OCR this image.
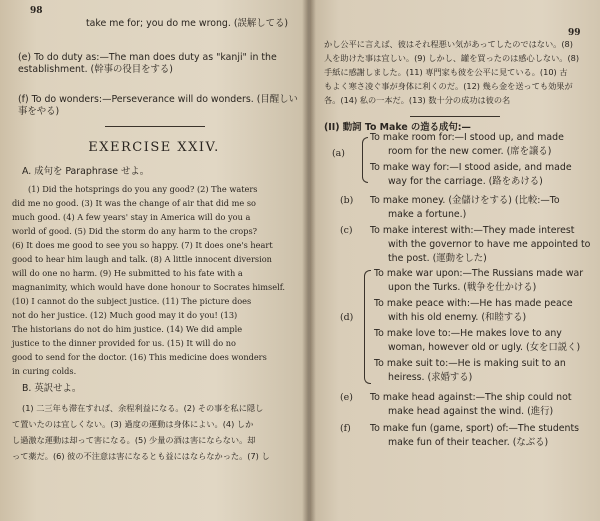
98
take me for; you do me wrong. (誤解してる)
(e) To do duty as:—The man does duty as "kanji" in the establishment. (幹事の役目をする)
(f) To do wonders:—Perseverance will do wonders. (目醒しい事をやる)
EXERCISE XXIV.
A. 成句を Paraphrase せよ。
(1) Did the hotsprings do you any good? (2) The waters
did me no good. (3) It was the change of air that did me so
much good. (4) A few years' stay in America will do you a
world of good. (5) Did the storm do any harm to the crops?
(6) It does me good to see you so happy. (7) It does one's heart
good to hear him laugh and talk. (8) A little innocent diversion
will do one no harm. (9) He submitted to his fate with a
magnanimity, which would have done honour to Socrates himself.
(10) I cannot do the subject justice. (11) The picture does
not do her justice. (12) Much good may it do you! (13)
The historians do not do him justice. (14) We did ample
justice to the dinner provided for us. (15) It will do no
good to send for the doctor. (16) This medicine does wonders
in curing colds.
B. 英訳せよ。
(1) 二三年も滞在すれば、余程利益になる。(2) その事を私に隠し
て置いたのは宜しくない。(3) 過度の運動は身体によい。(4) しか
し過激な運動は却って害になる。(5) 少量の酒は害にならない。却
って薬だ。(6) 彼の不注意は害になるとも益にはならなかった。(7) し
99
かし公平に言えば、彼はそれ程悪い気があってしたのではない。(8)
人を助けた事は宜しい。(9) しかし、罐を買ったのは感心しない。(8)
手紙に感謝しました。(11) 専門家も彼を公平に見ている。(10) 古
もよく寒さ凌ぐ事が身体に利くのだ。(12) 幾ら金を送っても効果が
各。(14) 私の一本だ。(13) 数十分の成功は彼の名
(II) 動詞 To Make の造る成句:—
(a)
To make room for:—I stood up, and made
room for the new comer. (席を譲る)
To make way for:—I stood aside, and made
way for the carriage. (路をあける)
(b) To make money. (金儲けをする) (比較:—To
make a fortune.)
(c) To make interest with:—They made interest
with the governor to have me appointed to
the post. (運動をした)
(d)
To make war upon:—The Russians made war
upon the Turks. (戦争を仕かける)
To make peace with:—He has made peace
with his old enemy. (和睦する)
To make love to:—He makes love to any
woman, however old or ugly. (女を口説く)
To make suit to:—He is making suit to an
heiress. (求婚する)
(e) To make head against:—The ship could not
make head against the wind. (進行)
(f) To make fun (game, sport) of:—The students
make fun of their teacher. (なぶる)
